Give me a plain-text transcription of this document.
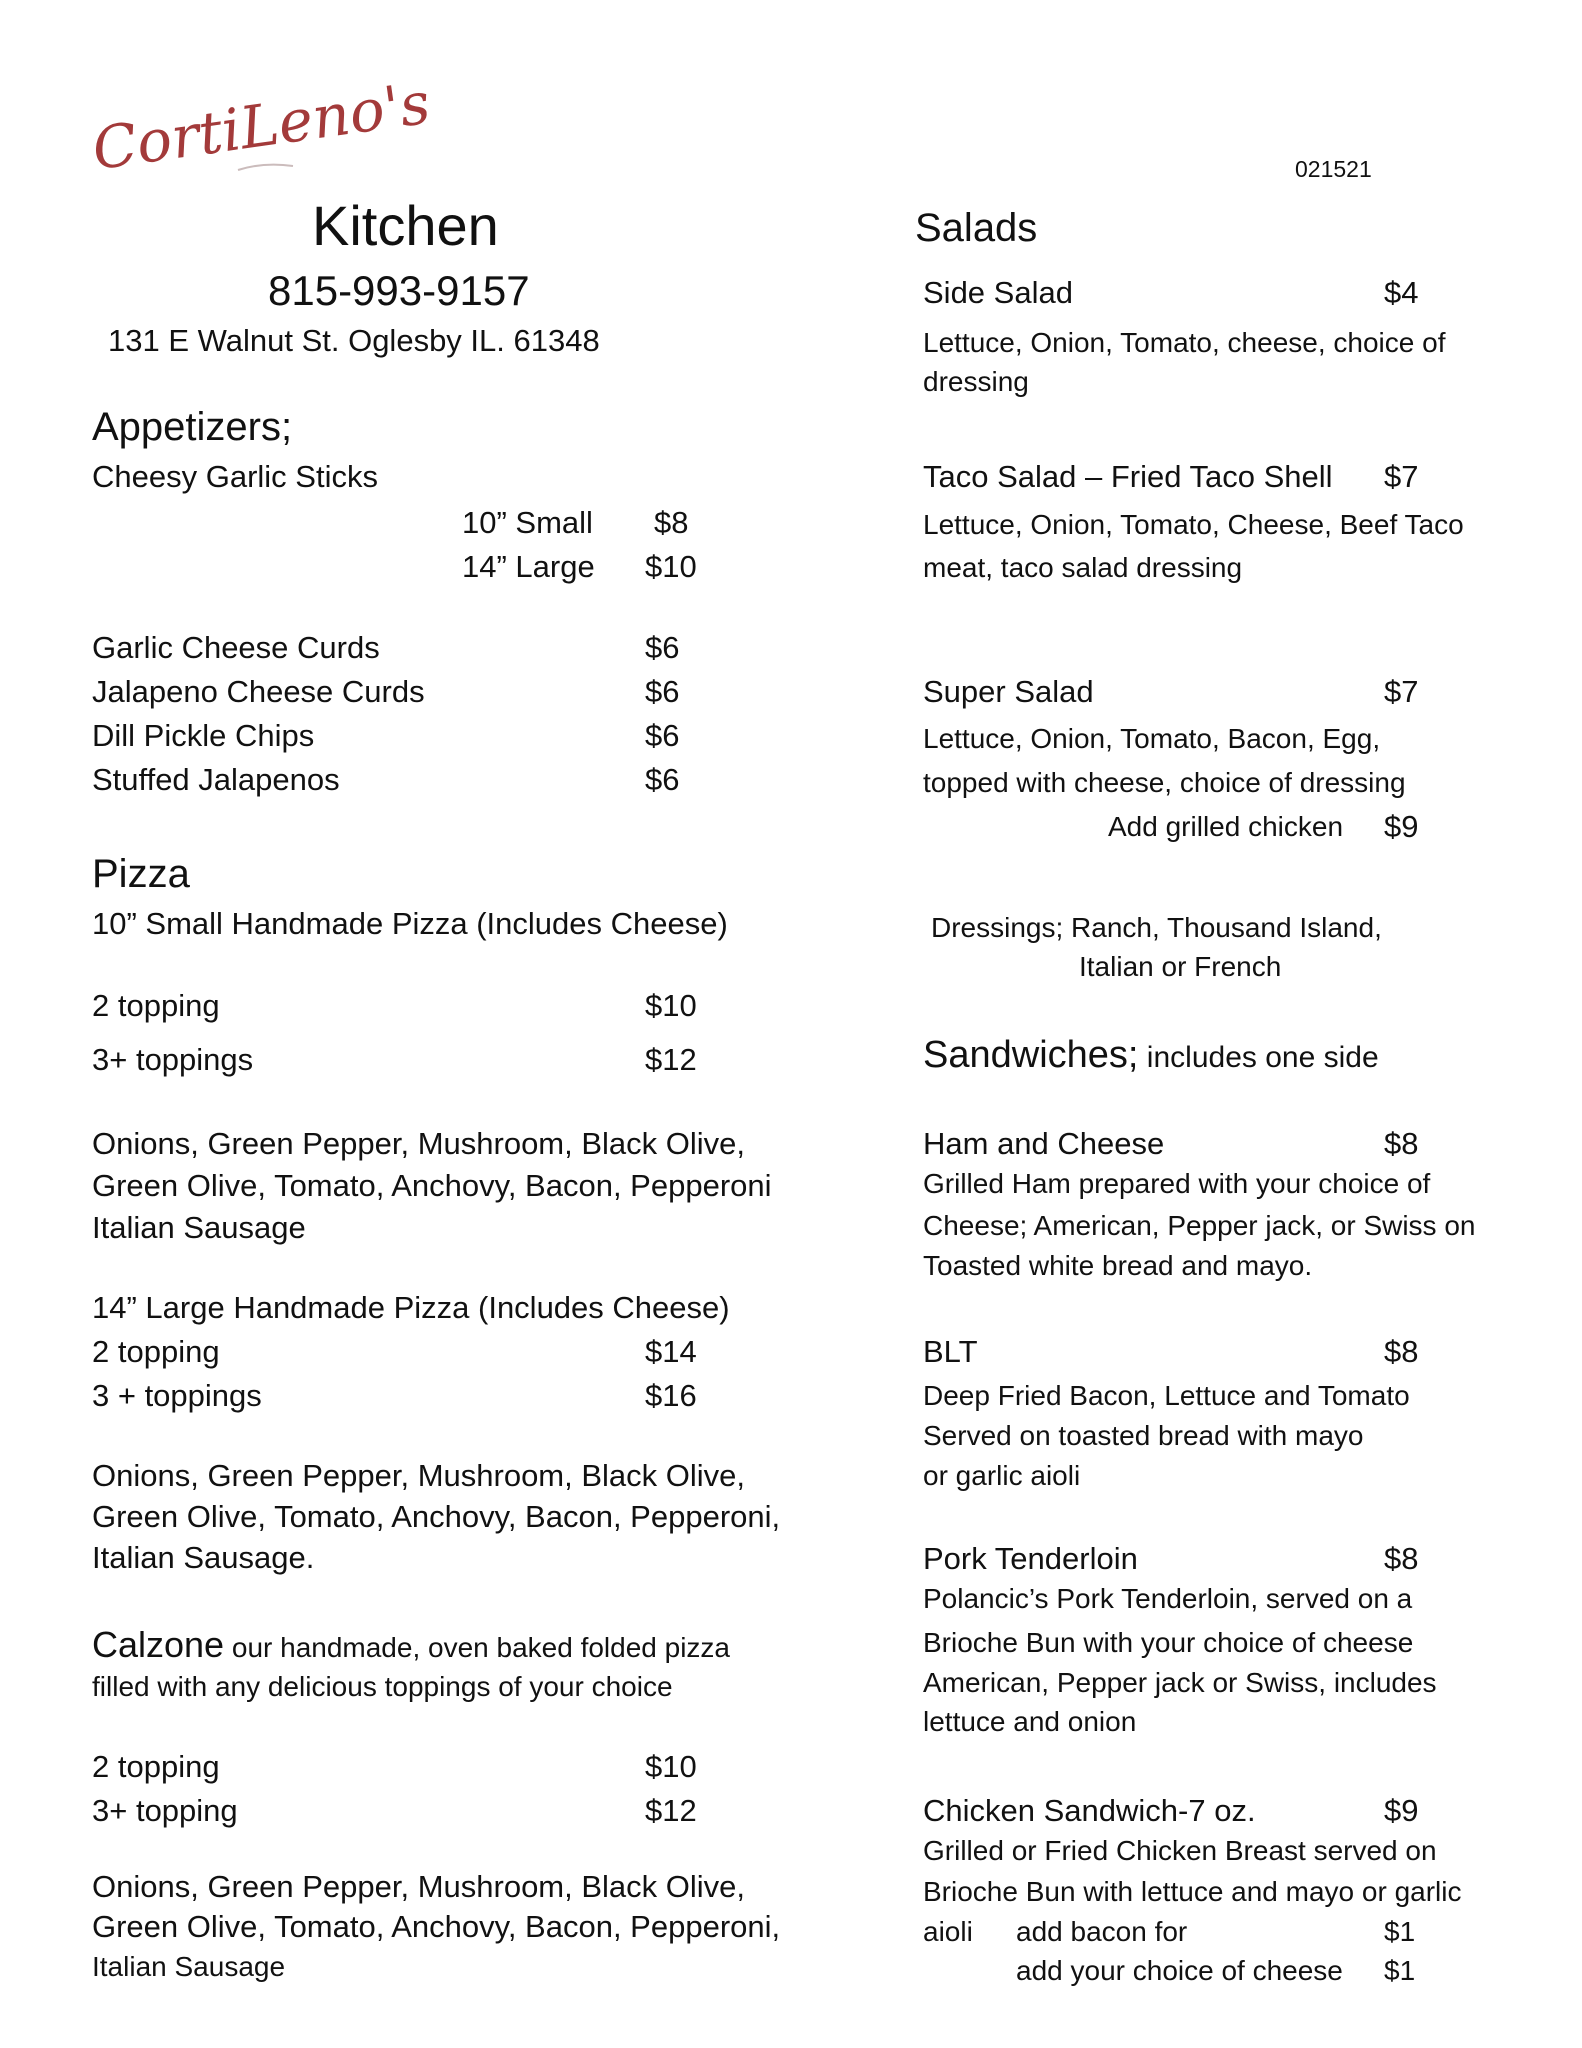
CortiLeno's	021521
Kitchen
815-993-9157
131 E Walnut St. Oglesby IL. 61348
Appetizers;
Cheesy Garlic Sticks
10” Small $8
14” Large $10
Garlic Cheese Curds	$6
Jalapeno Cheese Curds	$6
Dill Pickle Chips	$6
Stuffed Jalapenos	$6
Pizza
10” Small Handmade Pizza (Includes Cheese)
2 topping	$10
3+ toppings	$12
Onions, Green Pepper, Mushroom, Black Olive,
Green Olive, Tomato, Anchovy, Bacon, Pepperoni
Italian Sausage
14” Large Handmade Pizza (Includes Cheese)
2 topping	$14
3 + toppings	$16
Onions, Green Pepper, Mushroom, Black Olive,
Green Olive, Tomato, Anchovy, Bacon, Pepperoni,
Italian Sausage.
Calzone our handmade, oven baked folded pizza
filled with any delicious toppings of your choice
2 topping	$10
3+ topping	$12
Onions, Green Pepper, Mushroom, Black Olive,
Green Olive, Tomato, Anchovy, Bacon, Pepperoni,
Italian Sausage
Salads
Side Salad	$4
Lettuce, Onion, Tomato, cheese, choice of
dressing
Taco Salad – Fried Taco Shell $7
Lettuce, Onion, Tomato, Cheese, Beef Taco
meat, taco salad dressing
Super Salad	$7
Lettuce, Onion, Tomato, Bacon, Egg,
topped with cheese, choice of dressing
Add grilled chicken $9
Dressings; Ranch, Thousand Island,
Italian or French
Sandwiches; includes one side
Ham and Cheese	$8
Grilled Ham prepared with your choice of
Cheese; American, Pepper jack, or Swiss on
Toasted white bread and mayo.
BLT	$8
Deep Fried Bacon, Lettuce and Tomato
Served on toasted bread with mayo
or garlic aioli
Pork Tenderloin	$8
Polancic’s Pork Tenderloin, served on a
Brioche Bun with your choice of cheese
American, Pepper jack or Swiss, includes
lettuce and onion
Chicken Sandwich-7 oz.	$9
Grilled or Fried Chicken Breast served on
Brioche Bun with lettuce and mayo or garlic
aioli add bacon for	$1
add your choice of cheese $1
